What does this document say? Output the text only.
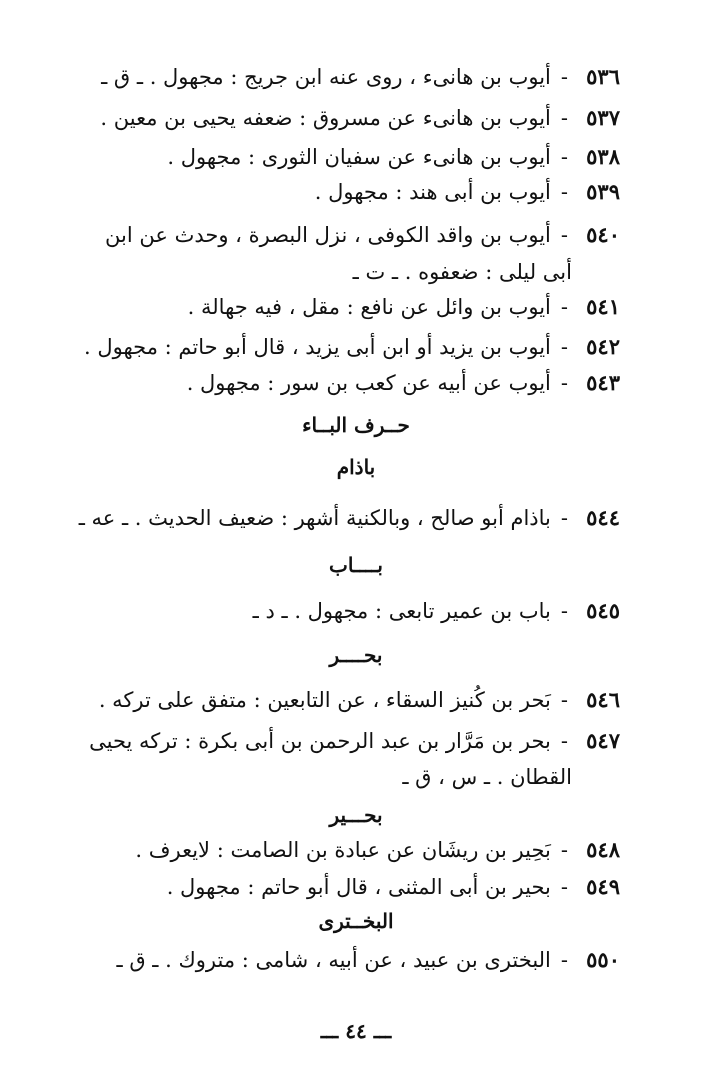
٥٣٦-أيوب بن هانىء ، روى عنه ابن جريج : مجهول . ـ ق ـ
٥٣٧-أيوب بن هانىء عن مسروق : ضعفه يحيى بن معين .
٥٣٨-أيوب بن هانىء عن سفيان الثورى : مجهول .
٥٣٩-أيوب بن أبى هند : مجهول .
٥٤٠-أيوب بن واقد الكوفى ، نزل البصرة ، وحدث عن ابن
أبى ليلى : ضعفوه . ـ ت ـ
٥٤١-أيوب بن وائل عن نافع : مقل ، فيه جهالة .
٥٤٢-أيوب بن يزيد أو ابن أبى يزيد ، قال أبو حاتم : مجهول .
٥٤٣-أيوب عن أبيه عن كعب بن سور : مجهول .
حــرف البــاء
باذام
٥٤٤-باذام أبو صالح ، وبالكنية أشهر : ضعيف الحديث . ـ عه ـ
بــــاب
٥٤٥-باب بن عمير تابعى : مجهول . ـ د ـ
بحــــر
٥٤٦-بَحر بن كُنيز السقاء ، عن التابعين : متفق على تركه .
٥٤٧-بحر بن مَرَّار بن عبد الرحمن بن أبى بكرة : تركه يحيى
القطان . ـ س ، ق ـ
بحـــير
٥٤٨-بَحِير بن ريشَان عن عبادة بن الصامت : لايعرف .
٥٤٩-بحير بن أبى المثنى ، قال أبو حاتم : مجهول .
البخــترى
٥٥٠-البخترى بن عبيد ، عن أبيه ، شامى : متروك . ـ ق ـ
ـــ ٤٤ ـــ
